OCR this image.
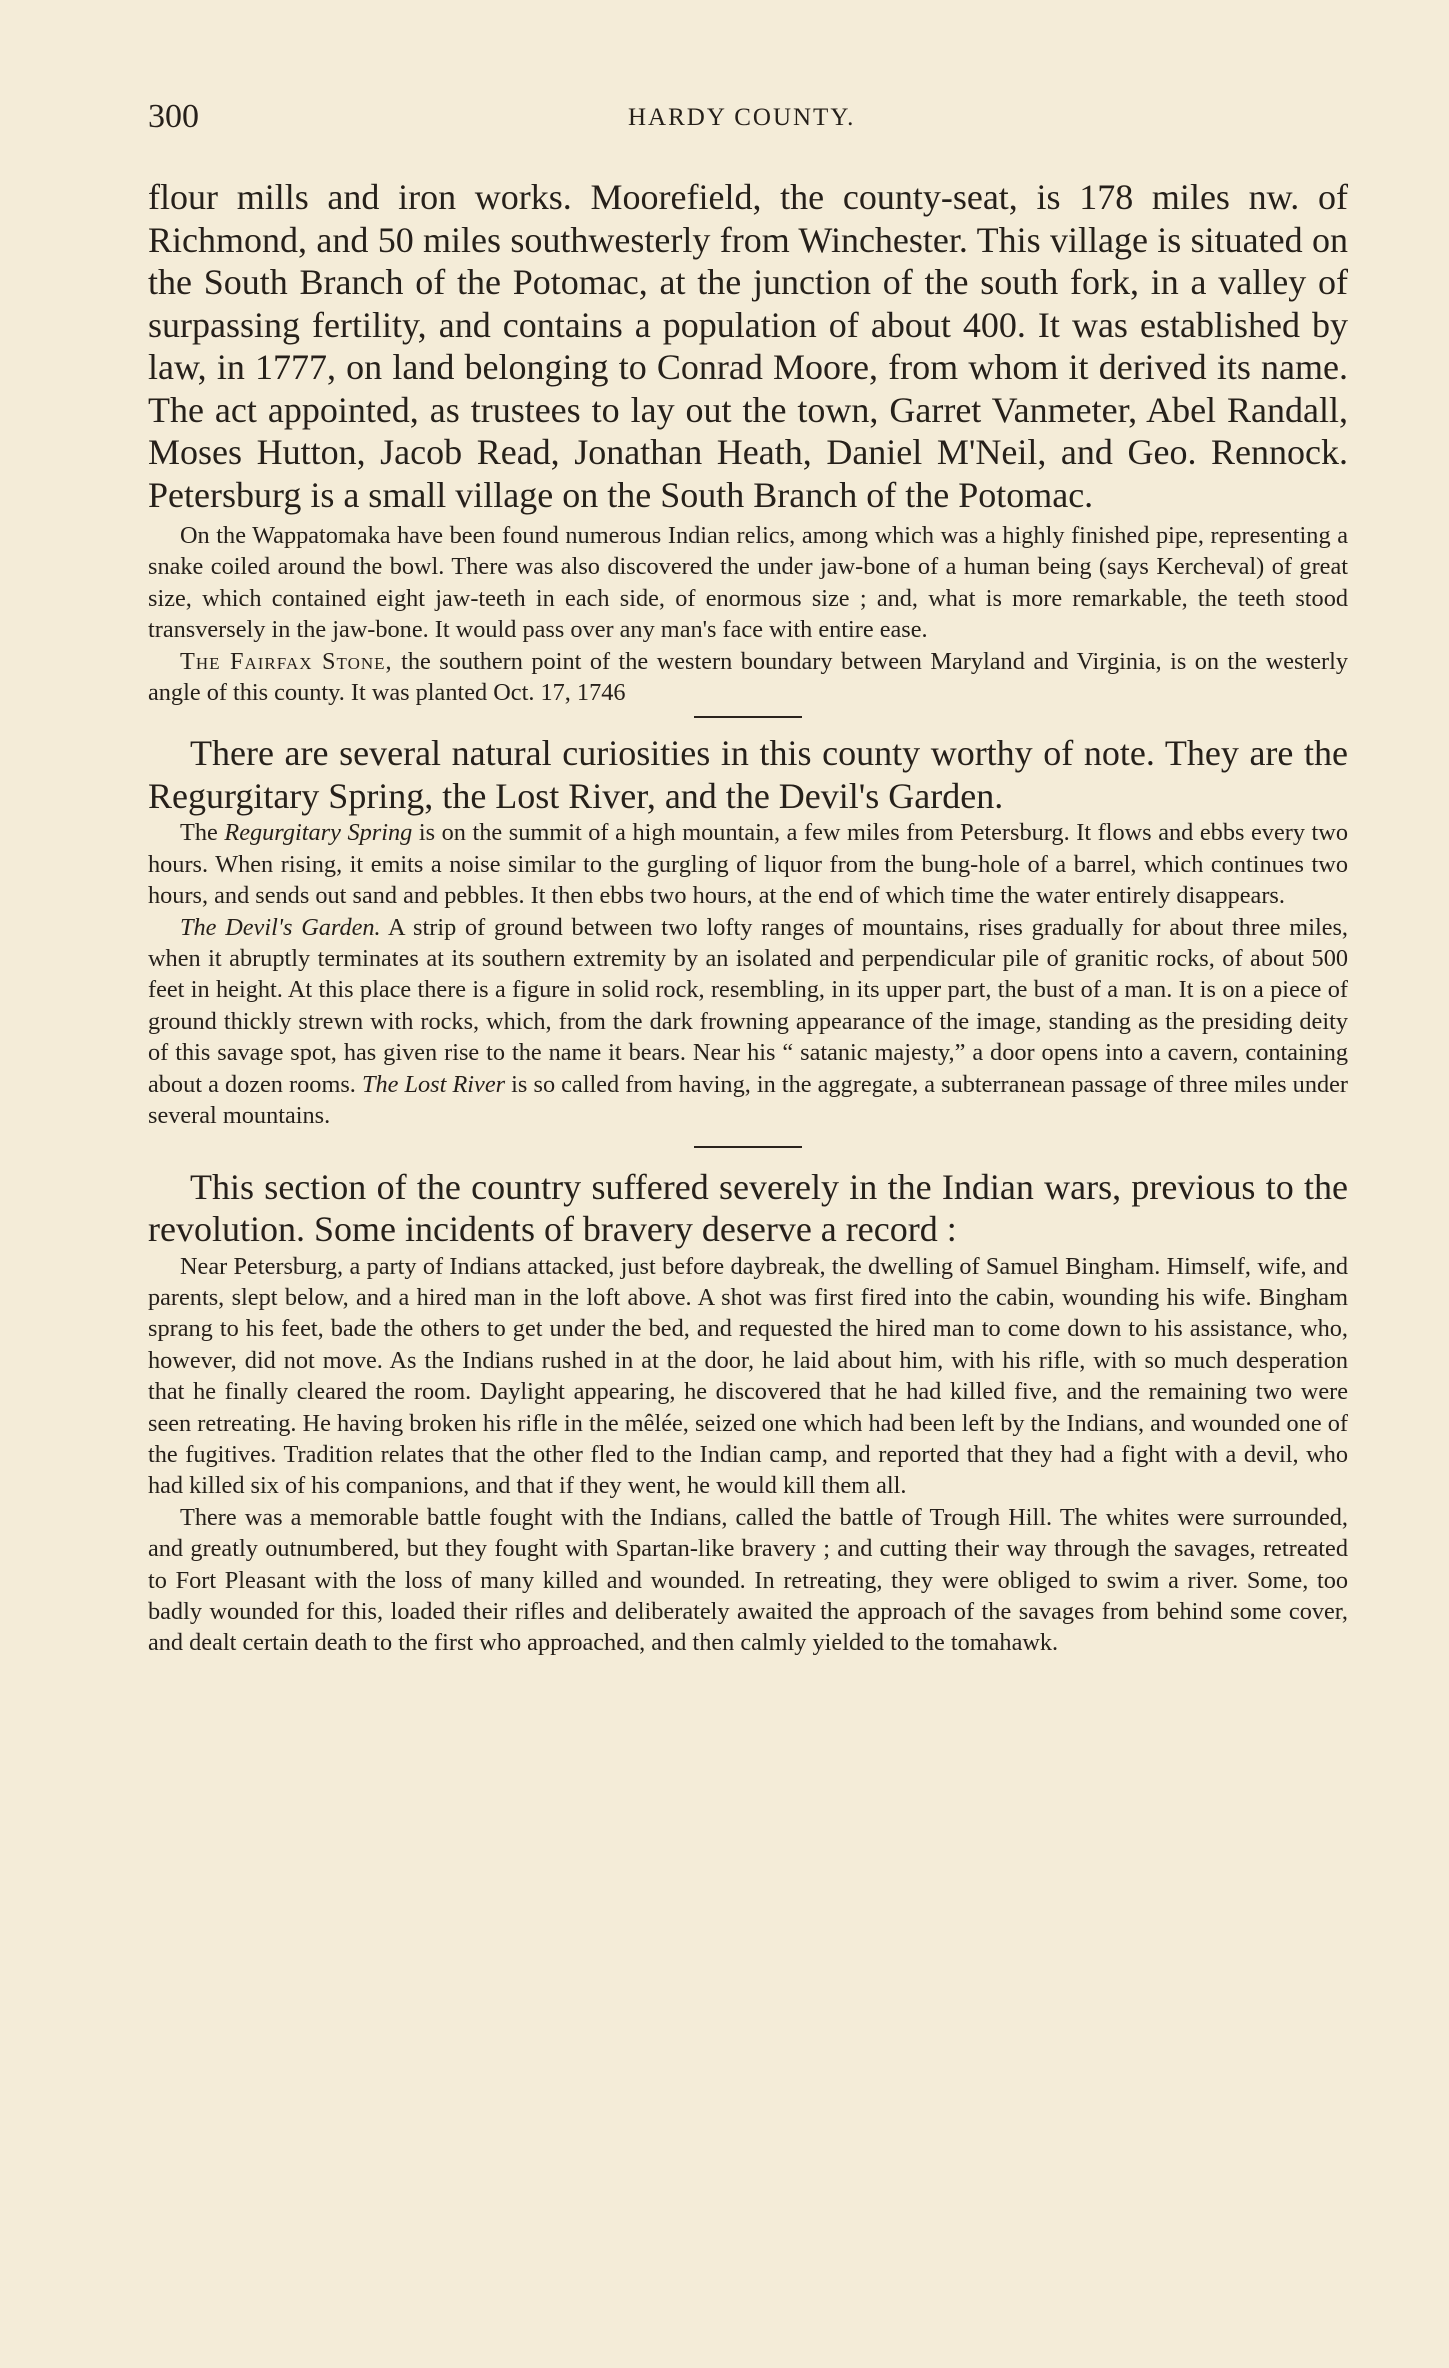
300	HARDY COUNTY.

flour mills and iron works. Moorefield, the county-seat, is 178 miles nw. of Richmond, and 50 miles southwesterly from Winchester. This village is situated on the South Branch of the Potomac, at the junction of the south fork, in a valley of surpassing fertility, and contains a population of about 400. It was established by law, in 1777, on land belonging to Conrad Moore, from whom it derived its name. The act appointed, as trustees to lay out the town, Garret Vanmeter, Abel Randall, Moses Hutton, Jacob Read, Jonathan Heath, Daniel M'Neil, and Geo. Rennock. Petersburg is a small village on the South Branch of the Potomac.

On the Wappatomaka have been found numerous Indian relics, among which was a highly finished pipe, representing a snake coiled around the bowl. There was also discovered the under jaw-bone of a human being (says Kercheval) of great size, which contained eight jaw-teeth in each side, of enormous size ; and, what is more remarkable, the teeth stood transversely in the jaw-bone. It would pass over any man's face with entire ease.

The Fairfax Stone, the southern point of the western boundary between Maryland and Virginia, is on the westerly angle of this county. It was planted Oct. 17, 1746

There are several natural curiosities in this county worthy of note. They are the Regurgitary Spring, the Lost River, and the Devil's Garden.

The Regurgitary Spring is on the summit of a high mountain, a few miles from Petersburg. It flows and ebbs every two hours. When rising, it emits a noise similar to the gurgling of liquor from the bung-hole of a barrel, which continues two hours, and sends out sand and pebbles. It then ebbs two hours, at the end of which time the water entirely disappears.

The Devil's Garden. A strip of ground between two lofty ranges of mountains, rises gradually for about three miles, when it abruptly terminates at its southern extremity by an isolated and perpendicular pile of granitic rocks, of about 500 feet in height. At this place there is a figure in solid rock, resembling, in its upper part, the bust of a man. It is on a piece of ground thickly strewn with rocks, which, from the dark frowning appearance of the image, standing as the presiding deity of this savage spot, has given rise to the name it bears. Near his “ satanic majesty,” a door opens into a cavern, containing about a dozen rooms. The Lost River is so called from having, in the aggregate, a subterranean passage of three miles under several mountains.

This section of the country suffered severely in the Indian wars, previous to the revolution. Some incidents of bravery deserve a record :

Near Petersburg, a party of Indians attacked, just before daybreak, the dwelling of Samuel Bingham. Himself, wife, and parents, slept below, and a hired man in the loft above. A shot was first fired into the cabin, wounding his wife. Bingham sprang to his feet, bade the others to get under the bed, and requested the hired man to come down to his assistance, who, however, did not move. As the Indians rushed in at the door, he laid about him, with his rifle, with so much desperation that he finally cleared the room. Daylight appearing, he discovered that he had killed five, and the remaining two were seen retreating. He having broken his rifle in the mêlée, seized one which had been left by the Indians, and wounded one of the fugitives. Tradition relates that the other fled to the Indian camp, and reported that they had a fight with a devil, who had killed six of his companions, and that if they went, he would kill them all.

There was a memorable battle fought with the Indians, called the battle of Trough Hill. The whites were surrounded, and greatly outnumbered, but they fought with Spartan-like bravery ; and cutting their way through the savages, retreated to Fort Pleasant with the loss of many killed and wounded. In retreating, they were obliged to swim a river. Some, too badly wounded for this, loaded their rifles and deliberately awaited the approach of the savages from behind some cover, and dealt certain death to the first who approached, and then calmly yielded to the tomahawk.
